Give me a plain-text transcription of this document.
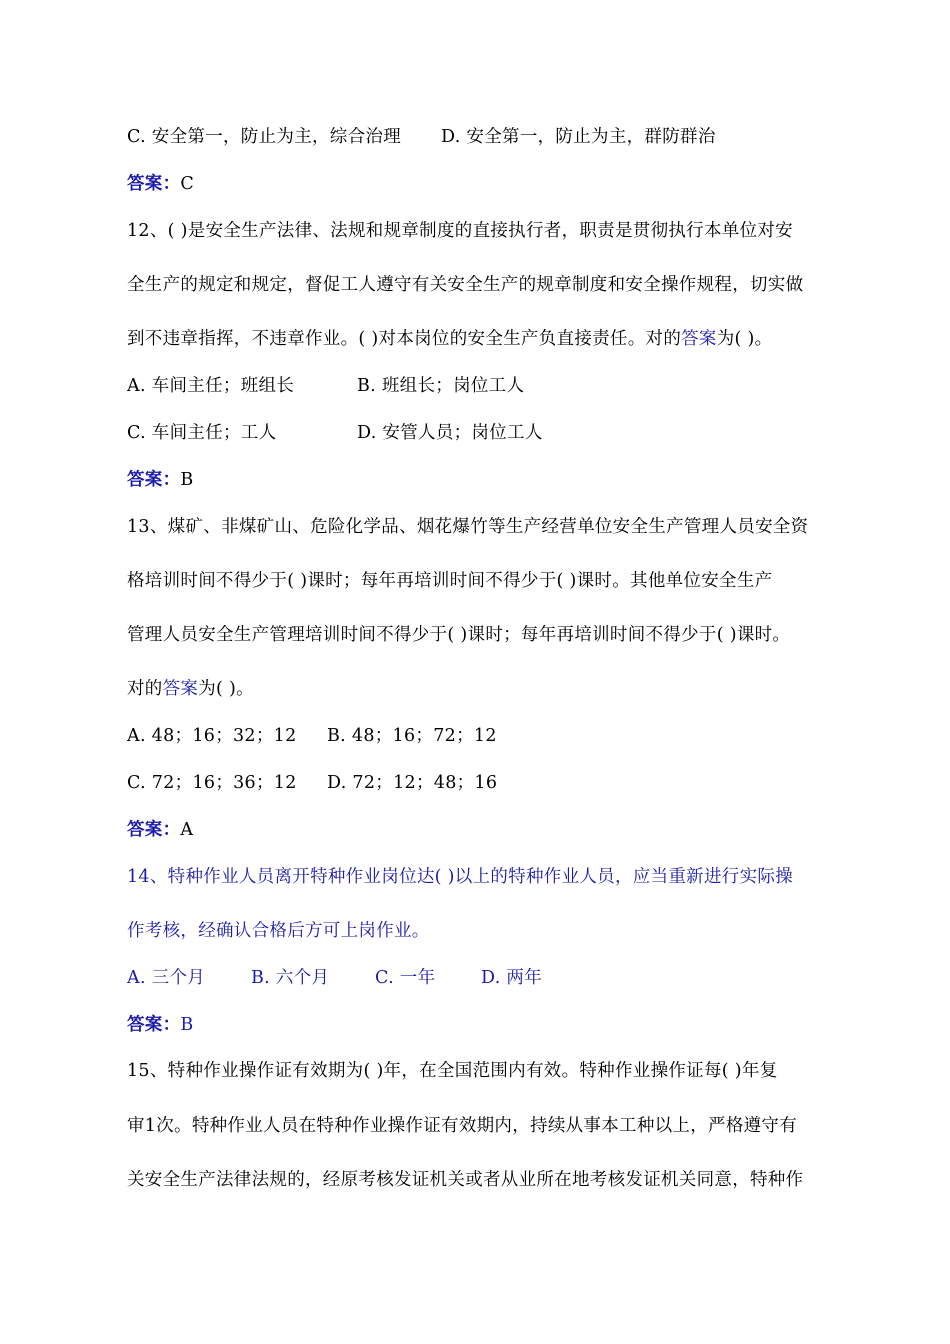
C. 安全第一，防止为主，综合治理 D. 安全第一，防止为主，群防群治
答案：C
12、( )是安全生产法律、法规和规章制度的直接执行者，职责是贯彻执行本单位对安
全生产的规定和规定，督促工人遵守有关安全生产的规章制度和安全操作规程，切实做
到不违章指挥，不违章作业。( )对本岗位的安全生产负直接责任。对的答案为( )。
A. 车间主任；班组长	B. 班组长；岗位工人
C. 车间主任；工人	D. 安管人员；岗位工人
答案：B
13、煤矿、非煤矿山、危险化学品、烟花爆竹等生产经营单位安全生产管理人员安全资
格培训时间不得少于( )课时；每年再培训时间不得少于( )课时。其他单位安全生产
管理人员安全生产管理培训时间不得少于( )课时；每年再培训时间不得少于( )课时。
对的答案为( )。
A. 48；16；32；12 B. 48；16；72；12
C. 72；16；36；12 D. 72；12；48；16
答案：A
14、特种作业人员离开特种作业岗位达( )以上的特种作业人员，应当重新进行实际操
作考核，经确认合格后方可上岗作业。
A. 三个月	B. 六个月	C. 一年	D. 两年
答案：B
15、特种作业操作证有效期为( )年，在全国范围内有效。特种作业操作证每( )年复
审1次。特种作业人员在特种作业操作证有效期内，持续从事本工种以上，严格遵守有
关安全生产法律法规的，经原考核发证机关或者从业所在地考核发证机关同意，特种作
